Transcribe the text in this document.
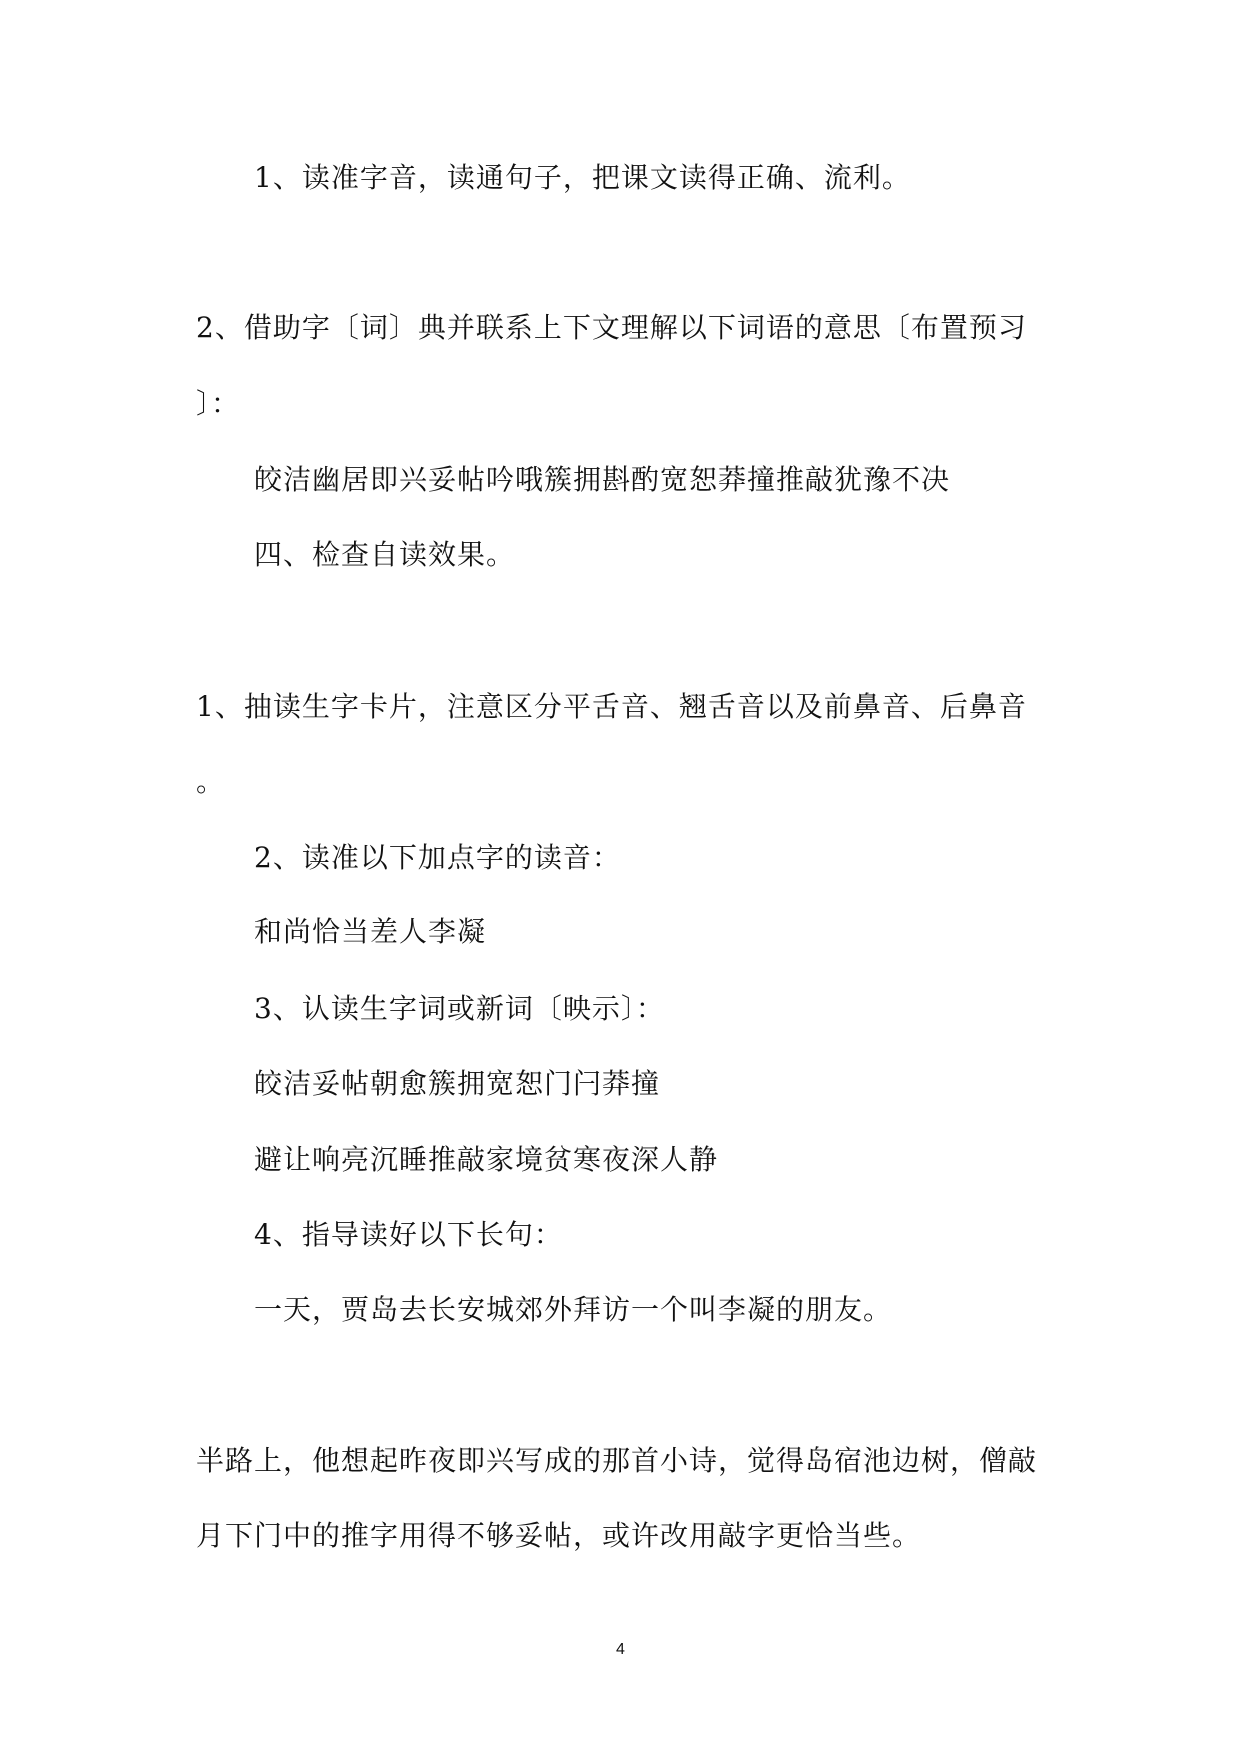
1、读准字音，读通句子，把课文读得正确、流利。
2、借助字〔词〕典并联系上下文理解以下词语的意思〔布置预习
〕：
皎洁幽居即兴妥帖吟哦簇拥斟酌宽恕莽撞推敲犹豫不决
四、检查自读效果。
1、抽读生字卡片，注意区分平舌音、翘舌音以及前鼻音、后鼻音
。
2、读准以下加点字的读音：
和尚恰当差人李凝
3、认读生字词或新词〔映示〕：
皎洁妥帖朝愈簇拥宽恕门闩莽撞
避让响亮沉睡推敲家境贫寒夜深人静
4、指导读好以下长句：
一天，贾岛去长安城郊外拜访一个叫李凝的朋友。
半路上，他想起昨夜即兴写成的那首小诗，觉得岛宿池边树，僧敲
月下门中的推字用得不够妥帖，或许改用敲字更恰当些。
4
